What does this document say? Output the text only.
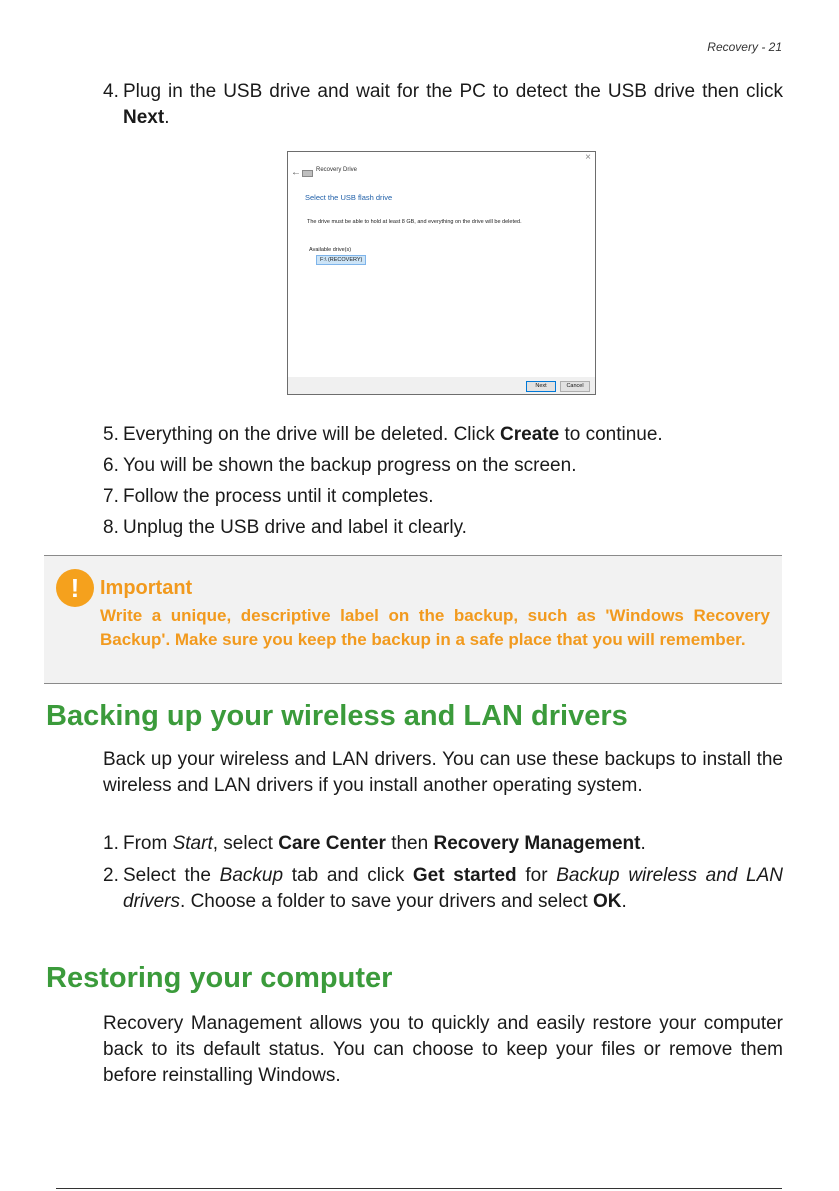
Recovery - 21
4. Plug in the USB drive and wait for the PC to detect the USB drive then click Next.
×
←	Recovery Drive
Select the USB flash drive
The drive must be able to hold at least 8 GB, and everything on the drive will be deleted.
Available drive(s)
F:\ (RECOVERY)
Next	Cancel
5. Everything on the drive will be deleted. Click Create to continue.
6. You will be shown the backup progress on the screen.
7. Follow the process until it completes.
8. Unplug the USB drive and label it clearly.
!	Important
Write a unique, descriptive label on the backup, such as 'Windows Recovery Backup'. Make sure you keep the backup in a safe place that you will remember.
Backing up your wireless and LAN drivers
Back up your wireless and LAN drivers. You can use these backups to install the wireless and LAN drivers if you install another operating system.
1. From Start, select Care Center then Recovery Management.
2. Select the Backup tab and click Get started for Backup wireless and LAN drivers. Choose a folder to save your drivers and select OK.
Restoring your computer
Recovery Management allows you to quickly and easily restore your computer back to its default status. You can choose to keep your files or remove them before reinstalling Windows.
